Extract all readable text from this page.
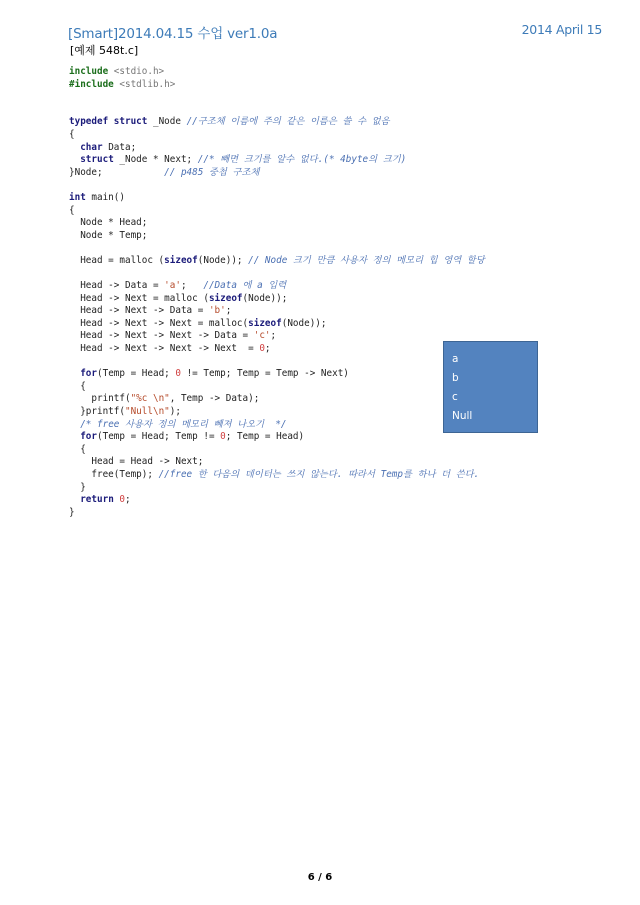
[Smart]2014.04.15 수업 ver1.0a	2014 April 15
[예제 548t.c]
include <stdio.h>
#include <stdlib.h>
typedef struct _Node //구조체 이름에 주의 같은 이름은 쓸 수 없음
{
char Data;
struct _Node * Next; //* 빼면 크기를 알수 없다.(* 4byte의 크기)
}Node;           // p485 중첩 구조체
int main()
{
Node * Head;
Node * Temp;
Head = malloc (sizeof(Node)); // Node 크기 만큼 사용자 정의 메모리 힙 영역 할당
Head -> Data = 'a';   //Data 에 a 입력
Head -> Next = malloc (sizeof(Node));
Head -> Next -> Data = 'b';
Head -> Next -> Next = malloc(sizeof(Node));
Head -> Next -> Next -> Data = 'c';
Head -> Next -> Next -> Next  = 0;
for(Temp = Head; 0 != Temp; Temp = Temp -> Next)
{
printf("%c \n", Temp -> Data);
}printf("Null\n");
/* free 사용자 정의 메모리 빼져 나오기  */
for(Temp = Head; Temp != 0; Temp = Head)
{
Head = Head -> Next;
free(Temp); //free 한 다음의 데이터는 쓰지 않는다. 따라서 Temp를 하나 더 쓴다.
}
return 0;
}
a
b
c
Null
6 / 6
